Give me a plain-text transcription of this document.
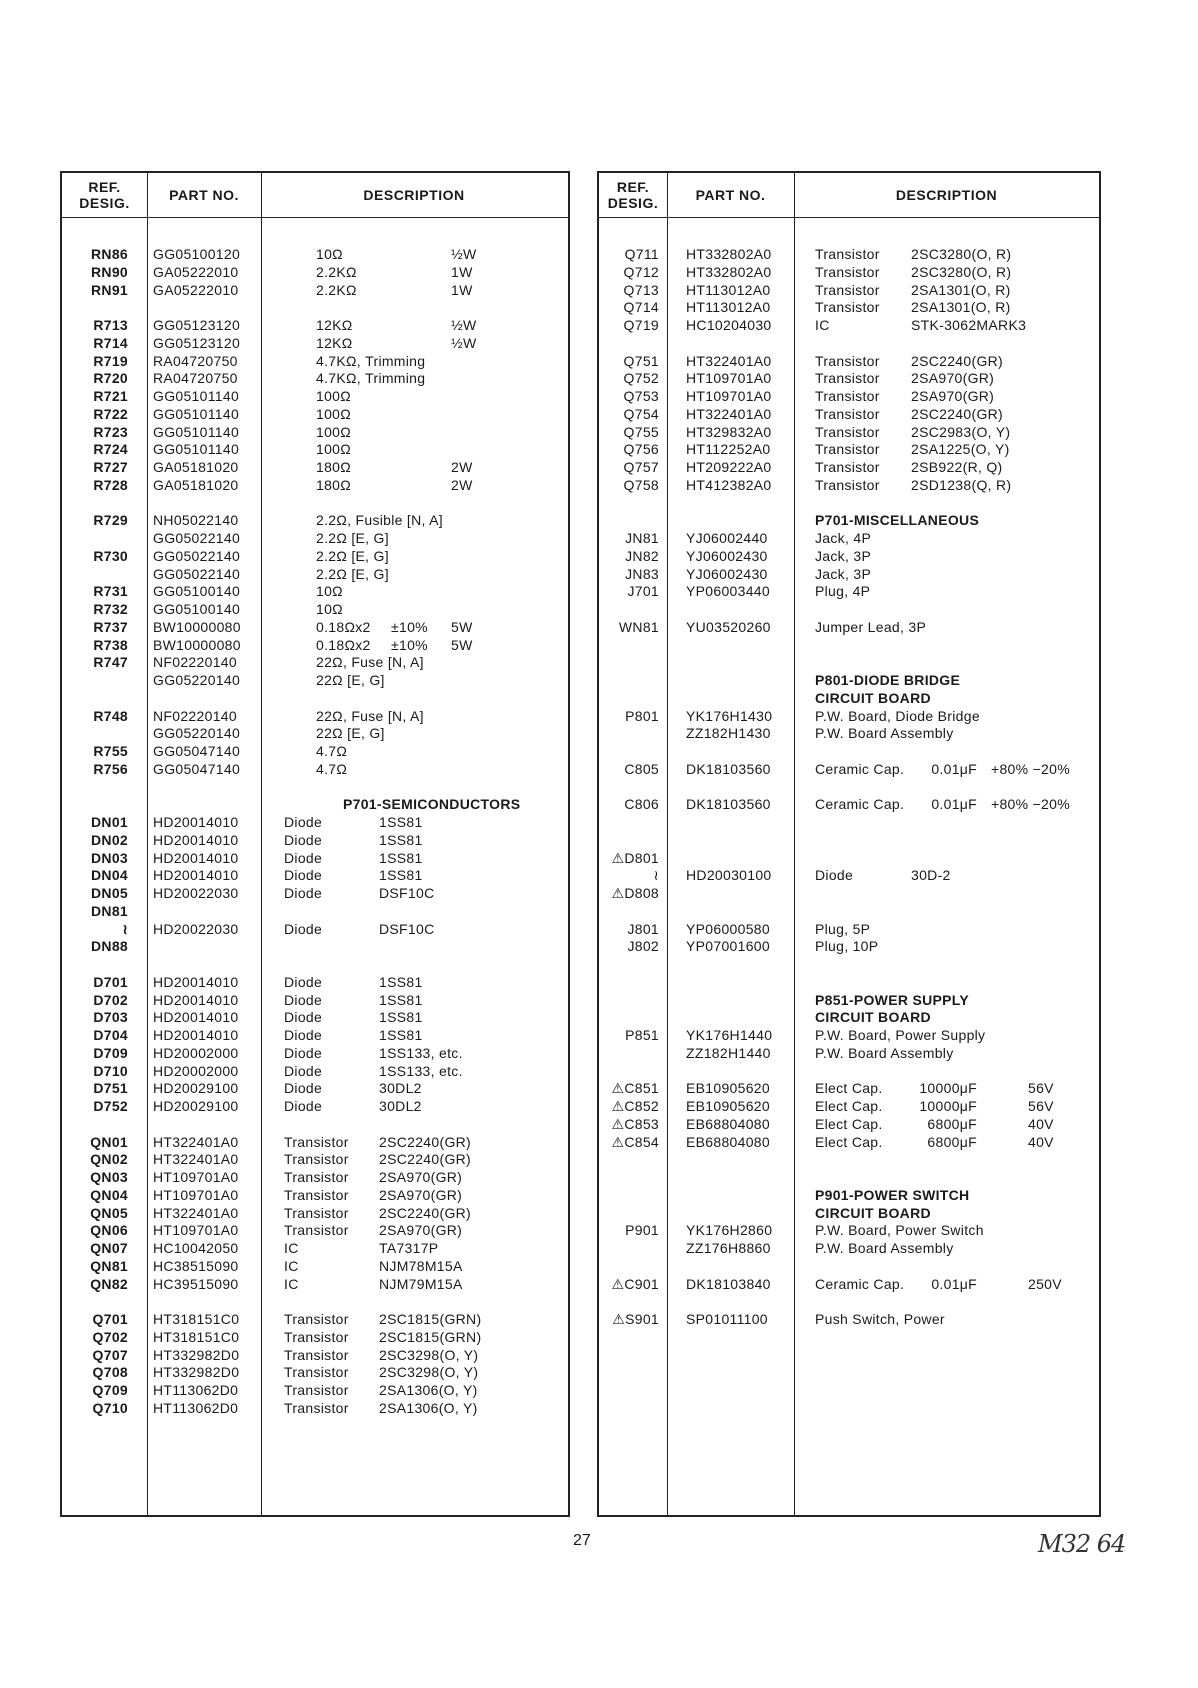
REF.
DESIG.	PART NO.	DESCRIPTION
RN86 GG05100120	10Ω	½W
RN90 GA05222010	2.2KΩ	1W
RN91 GA05222010	2.2KΩ	1W
R713 GG05123120	12KΩ	½W
R714 GG05123120	12KΩ	½W
R719 RA04720750	4.7KΩ, Trimming
R720 RA04720750	4.7KΩ, Trimming
R721 GG05101140	100Ω
R722 GG05101140	100Ω
R723 GG05101140	100Ω
R724 GG05101140	100Ω
R727 GA05181020	180Ω	2W
R728 GA05181020	180Ω	2W
R729 NH05022140	2.2Ω, Fusible [N, A]
GG05022140	2.2Ω [E, G]
R730 GG05022140	2.2Ω [E, G]
GG05022140	2.2Ω [E, G]
R731 GG05100140	10Ω
R732 GG05100140	10Ω
R737 BW10000080	0.18Ωx2 ±10% 5W
R738 BW10000080	0.18Ωx2 ±10% 5W
R747 NF02220140	22Ω, Fuse [N, A]
GG05220140	22Ω [E, G]
R748 NF02220140	22Ω, Fuse [N, A]
GG05220140	22Ω [E, G]
R755 GG05047140	4.7Ω
R756 GG05047140	4.7Ω
P701-SEMICONDUCTORS
DN01 HD20014010	Diode	1SS81
DN02 HD20014010	Diode	1SS81
DN03 HD20014010	Diode	1SS81
DN04 HD20014010	Diode	1SS81
DN05 HD20022030	Diode	DSF10C
DN81
≀ HD20022030	Diode	DSF10C
DN88
D701 HD20014010	Diode	1SS81
D702 HD20014010	Diode	1SS81
D703 HD20014010	Diode	1SS81
D704 HD20014010	Diode	1SS81
D709 HD20002000	Diode	1SS133, etc.
D710 HD20002000	Diode	1SS133, etc.
D751 HD20029100	Diode	30DL2
D752 HD20029100	Diode	30DL2
QN01 HT322401A0	Transistor 2SC2240(GR)
QN02 HT322401A0	Transistor 2SC2240(GR)
QN03 HT109701A0	Transistor 2SA970(GR)
QN04 HT109701A0	Transistor 2SA970(GR)
QN05 HT322401A0	Transistor 2SC2240(GR)
QN06 HT109701A0	Transistor 2SA970(GR)
QN07 HC10042050	IC	TA7317P
QN81 HC38515090	IC	NJM78M15A
QN82 HC39515090	IC	NJM79M15A
Q701 HT318151C0	Transistor 2SC1815(GRN)
Q702 HT318151C0	Transistor 2SC1815(GRN)
Q707 HT332982D0	Transistor 2SC3298(O, Y)
Q708 HT332982D0	Transistor 2SC3298(O, Y)
Q709 HT113062D0	Transistor 2SA1306(O, Y)
Q710 HT113062D0	Transistor 2SA1306(O, Y)
REF.
DESIG.	PART NO.	DESCRIPTION
Q711 HT332802A0	Transistor 2SC3280(O, R)
Q712 HT332802A0	Transistor 2SC3280(O, R)
Q713 HT113012A0	Transistor 2SA1301(O, R)
Q714 HT113012A0	Transistor 2SA1301(O, R)
Q719 HC10204030	IC	STK-3062MARK3
Q751 HT322401A0	Transistor 2SC2240(GR)
Q752 HT109701A0	Transistor 2SA970(GR)
Q753 HT109701A0	Transistor 2SA970(GR)
Q754 HT322401A0	Transistor 2SC2240(GR)
Q755 HT329832A0	Transistor 2SC2983(O, Y)
Q756 HT112252A0	Transistor 2SA1225(O, Y)
Q757 HT209222A0	Transistor 2SB922(R, Q)
Q758 HT412382A0	Transistor 2SD1238(Q, R)
P701-MISCELLANEOUS
JN81 YJ06002440	Jack, 4P
JN82 YJ06002430	Jack, 3P
JN83 YJ06002430	Jack, 3P
J701 YP06003440	Plug, 4P
WN81 YU03520260	Jumper Lead, 3P
P801-DIODE BRIDGE
CIRCUIT BOARD
P801 YK176H1430	P.W. Board, Diode Bridge
ZZ182H1430	P.W. Board Assembly
C805 DK18103560	Ceramic Cap.	0.01μF +80% −20%
C806 DK18103560	Ceramic Cap.	0.01μF +80% −20%
⚠D801
≀ HD20030100	Diode	30D-2
⚠D808
J801 YP06000580	Plug, 5P
J802 YP07001600	Plug, 10P
P851-POWER SUPPLY
CIRCUIT BOARD
P851 YK176H1440	P.W. Board, Power Supply
ZZ182H1440	P.W. Board Assembly
⚠C851 EB10905620	Elect Cap.	10000μF	56V
⚠C852 EB10905620	Elect Cap.	10000μF	56V
⚠C853 EB68804080	Elect Cap.	6800μF	40V
⚠C854 EB68804080	Elect Cap.	6800μF	40V
P901-POWER SWITCH
CIRCUIT BOARD
P901 YK176H2860	P.W. Board, Power Switch
ZZ176H8860	P.W. Board Assembly
⚠C901 DK18103840	Ceramic Cap.	0.01μF	250V
⚠S901 SP01011100	Push Switch, Power
27	M32 64
